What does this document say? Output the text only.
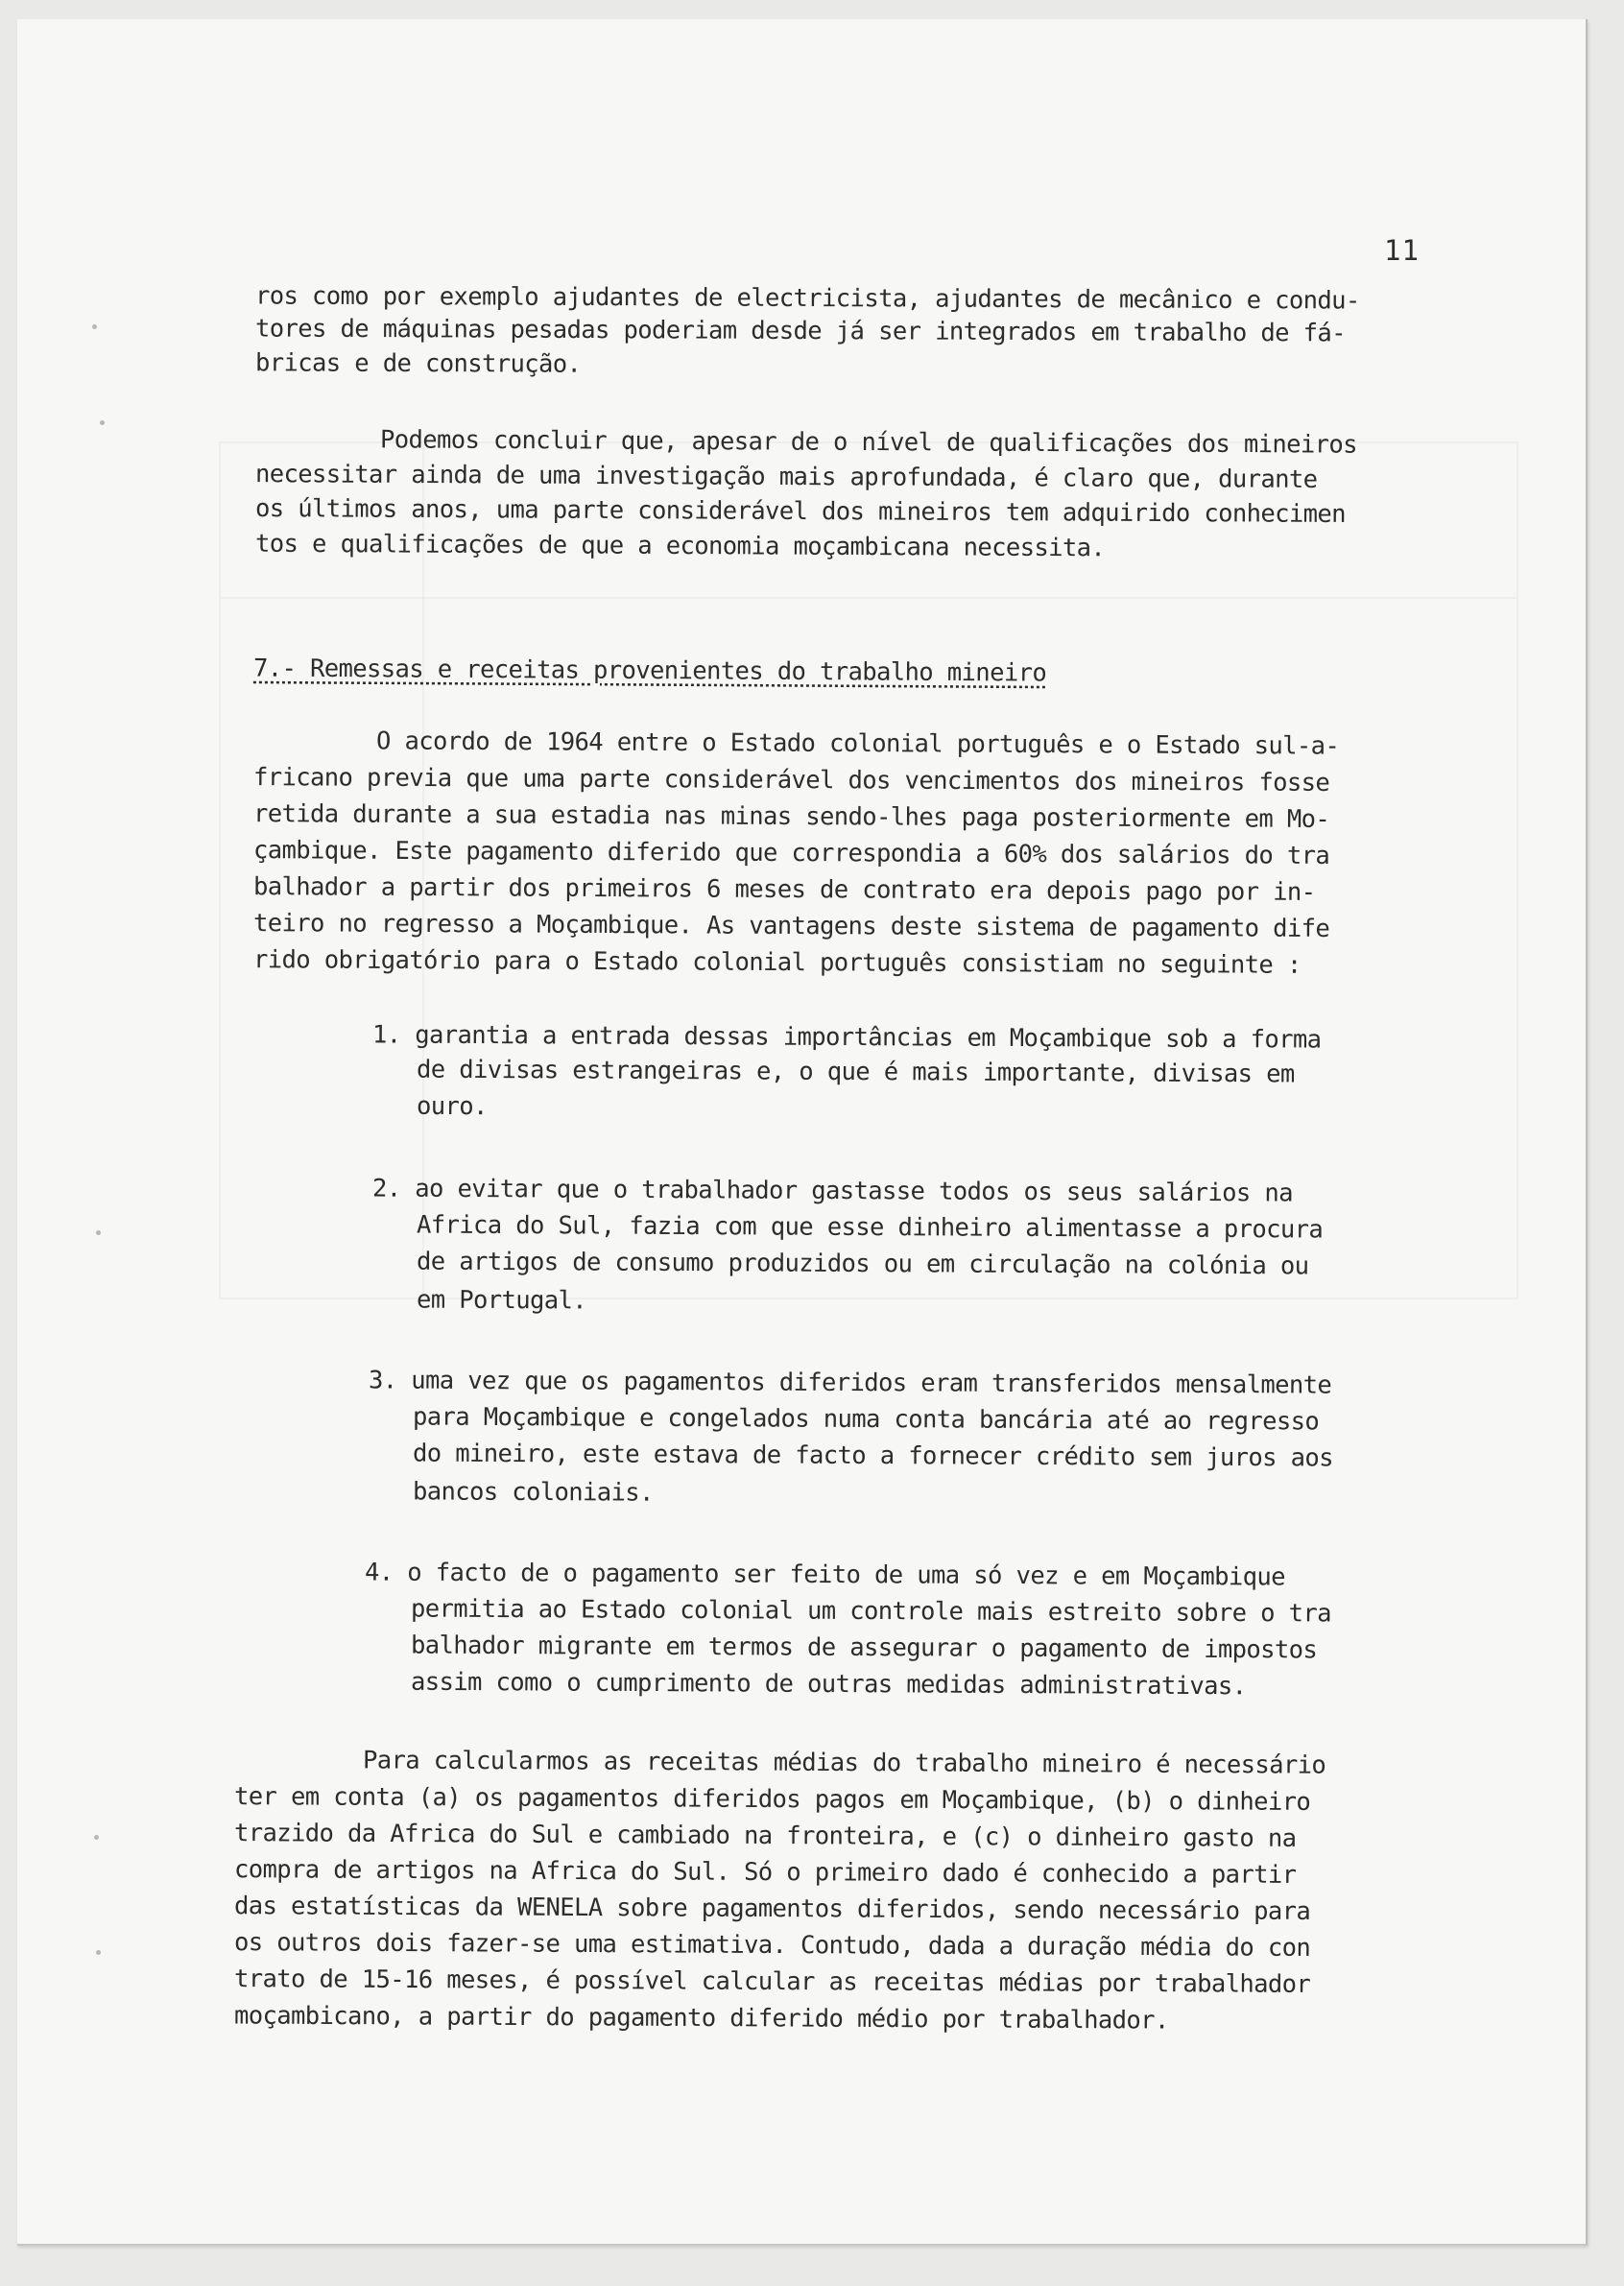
11
ros como por exemplo ajudantes de electricista, ajudantes de mecânico e condu-
tores de máquinas pesadas poderiam desde já ser integrados em trabalho de fá-
bricas e de construção.
Podemos concluir que, apesar de o nível de qualificações dos mineiros
necessitar ainda de uma investigação mais aprofundada, é claro que, durante
os últimos anos, uma parte considerável dos mineiros tem adquirido conhecimen
tos e qualificações de que a economia moçambicana necessita.
7.- Remessas e receitas provenientes do trabalho mineiro
O acordo de 1964 entre o Estado colonial português e o Estado sul-a-
fricano previa que uma parte considerável dos vencimentos dos mineiros fosse
retida durante a sua estadia nas minas sendo-lhes paga posteriormente em Mo-
çambique. Este pagamento diferido que correspondia a 60% dos salários do tra
balhador a partir dos primeiros 6 meses de contrato era depois pago por in-
teiro no regresso a Moçambique. As vantagens deste sistema de pagamento dife
rido obrigatório para o Estado colonial português consistiam no seguinte :
1. garantia a entrada dessas importâncias em Moçambique sob a forma
de divisas estrangeiras e, o que é mais importante, divisas em
ouro.
2. ao evitar que o trabalhador gastasse todos os seus salários na
Africa do Sul, fazia com que esse dinheiro alimentasse a procura
de artigos de consumo produzidos ou em circulação na colónia ou
em Portugal.
3. uma vez que os pagamentos diferidos eram transferidos mensalmente
para Moçambique e congelados numa conta bancária até ao regresso
do mineiro, este estava de facto a fornecer crédito sem juros aos
bancos coloniais.
4. o facto de o pagamento ser feito de uma só vez e em Moçambique
permitia ao Estado colonial um controle mais estreito sobre o tra
balhador migrante em termos de assegurar o pagamento de impostos
assim como o cumprimento de outras medidas administrativas.
Para calcularmos as receitas médias do trabalho mineiro é necessário
ter em conta (a) os pagamentos diferidos pagos em Moçambique, (b) o dinheiro
trazido da Africa do Sul e cambiado na fronteira, e (c) o dinheiro gasto na
compra de artigos na Africa do Sul. Só o primeiro dado é conhecido a partir
das estatísticas da WENELA sobre pagamentos diferidos, sendo necessário para
os outros dois fazer-se uma estimativa. Contudo, dada a duração média do con
trato de 15-16 meses, é possível calcular as receitas médias por trabalhador
moçambicano, a partir do pagamento diferido médio por trabalhador.
